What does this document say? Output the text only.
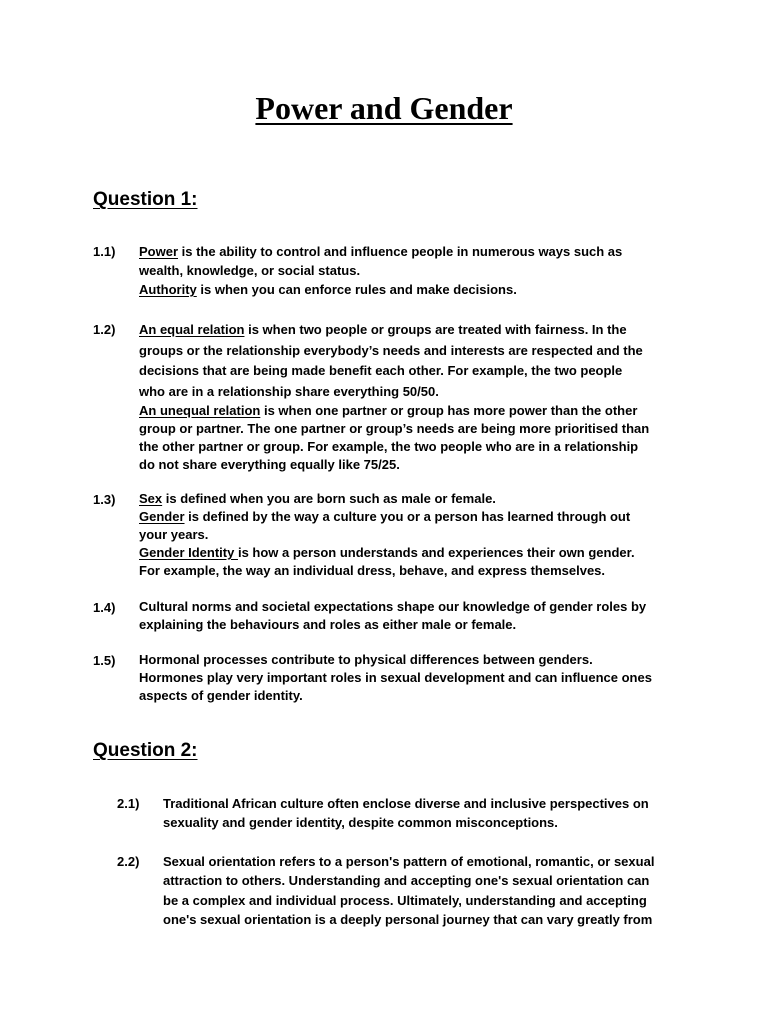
Power and Gender
Question 1:
1.1) Power is the ability to control and influence people in numerous ways such as
wealth, knowledge, or social status.
Authority is when you can enforce rules and make decisions.
1.2) An equal relation is when two people or groups are treated with fairness. In the
groups or the relationship everybody’s needs and interests are respected and the
decisions that are being made benefit each other. For example, the two people
who are in a relationship share everything 50/50.
An unequal relation is when one partner or group has more power than the other
group or partner. The one partner or group’s needs are being more prioritised than
the other partner or group. For example, the two people who are in a relationship
do not share everything equally like 75/25.
1.3) Sex is defined when you are born such as male or female.
Gender is defined by the way a culture you or a person has learned through out
your years.
Gender Identity is how a person understands and experiences their own gender.
For example, the way an individual dress, behave, and express themselves.
1.4) Cultural norms and societal expectations shape our knowledge of gender roles by
explaining the behaviours and roles as either male or female.
1.5) Hormonal processes contribute to physical differences between genders.
Hormones play very important roles in sexual development and can influence ones
aspects of gender identity.
Question 2:
2.1) Traditional African culture often enclose diverse and inclusive perspectives on
sexuality and gender identity, despite common misconceptions.
2.2) Sexual orientation refers to a person's pattern of emotional, romantic, or sexual
attraction to others. Understanding and accepting one's sexual orientation can
be a complex and individual process. Ultimately, understanding and accepting
one's sexual orientation is a deeply personal journey that can vary greatly from
